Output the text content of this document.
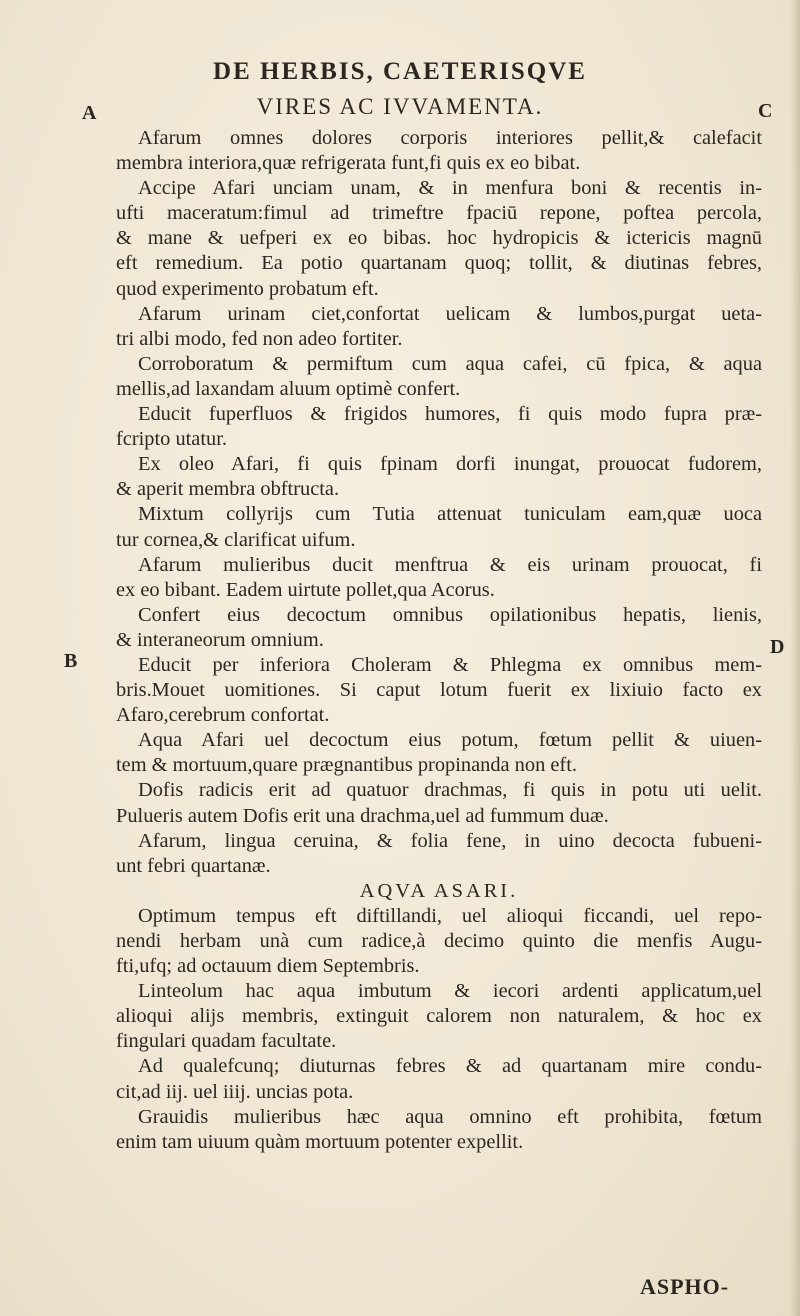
DE HERBIS, CAETERISQVE
VIRES AC IVVAMENTA.
A	C
D
B
Afarum omnes dolores corporis interiores pellit,& calefacit
membra interiora,quæ refrigerata funt,fi quis ex eo bibat.
Accipe Afari unciam unam, & in menfura boni & recentis in-
ufti maceratum:fimul ad trimeftre fpaciū repone, poftea percola,
& mane & uefperi ex eo bibas. hoc hydropicis & ictericis magnū
eft remedium. Ea potio quartanam quoq; tollit, & diutinas febres,
quod experimento probatum eft.
Afarum urinam ciet,confortat uelicam & lumbos,purgat ueta-
tri albi modo, fed non adeo fortiter.
Corroboratum & permiftum cum aqua cafei, cū fpica, & aqua
mellis,ad laxandam aluum optimè confert.
Educit fuperfluos & frigidos humores, fi quis modo fupra præ-
fcripto utatur.
Ex oleo Afari, fi quis fpinam dorfi inungat, prouocat fudorem,
& aperit membra obftructa.
Mixtum collyrijs cum Tutia attenuat tuniculam eam,quæ uoca
tur cornea,& clarificat uifum.
Afarum mulieribus ducit menftrua & eis urinam prouocat, fi
ex eo bibant. Eadem uirtute pollet,qua Acorus.
Confert eius decoctum omnibus opilationibus hepatis, lienis,
& interaneorum omnium.
Educit per inferiora Choleram & Phlegma ex omnibus mem-
bris.Mouet uomitiones. Si caput lotum fuerit ex lixiuio facto ex
Afaro,cerebrum confortat.
Aqua Afari uel decoctum eius potum, fœtum pellit & uiuen-
tem & mortuum,quare prægnantibus propinanda non eft.
Dofis radicis erit ad quatuor drachmas, fi quis in potu uti uelit.
Pulueris autem Dofis erit una drachma,uel ad fummum duæ.
Afarum, lingua ceruina, & folia fene, in uino decocta fubueni-
unt febri quartanæ.
AQVA ASARI.
Optimum tempus eft diftillandi, uel alioqui ficcandi, uel repo-
nendi herbam unà cum radice,à decimo quinto die menfis Augu-
fti,ufq; ad octauum diem Septembris.
Linteolum hac aqua imbutum & iecori ardenti applicatum,uel
alioqui alijs membris, extinguit calorem non naturalem, & hoc ex
fingulari quadam facultate.
Ad qualefcunq; diuturnas febres & ad quartanam mire condu-
cit,ad iij. uel iiij. uncias pota.
Grauidis mulieribus hæc aqua omnino eft prohibita, fœtum
enim tam uiuum quàm mortuum potenter expellit.
ASPHO-
